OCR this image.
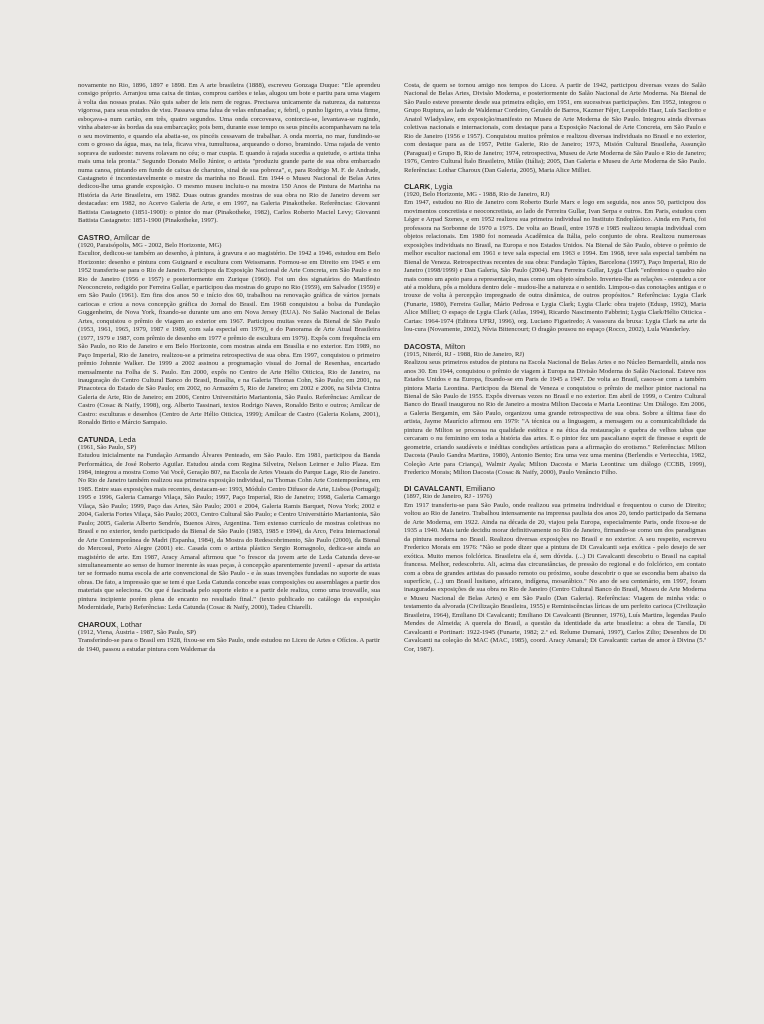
novamente no Rio, 1896, 1897 e 1898. Em A arte brasileira (1888), escreveu Gonzaga Duque: "Ele aprendeu consigo próprio. Arranjou uma caixa de tintas, comprou cartões e telas, alugou um bote e partiu para uma viagem à volta das nossas praias. Não quis saber de leis nem de regras. Precisava unicamente da natureza, da natureza vigorosa, para seus estudos de visu. Passava uma falua de velas enfunadas; e, febril, o punho ligeiro, a vista firme, esboçava-a num cartão, em três, quatro segundos. Uma onda corcoveava, contorcia-se, levantava-se rugindo, vinha abater-se às bordas da sua embarcação; pois bem, durante esse tempo os seus pincéis acompanhavam na tela o seu movimento, e quando ela abatia-se, os pincéis cessavam de trabalhar. A onda morria, no mar, fundindo-se com o grosso da água, mas, na tela, ficava viva, tumultuosa, arqueando o dorso, bramindo. Uma rajada de vento soprava de sudoeste: nuvens rolavam no céu; o mar cuspia. E quando à rajada sucedia a quietude, o artista tinha mais uma tela pronta." Segundo Donato Mello Júnior, o artista "produziu grande parte de sua obra embarcado numa canoa, pintando em fundo de caixas de charutos, sinal de sua pobreza", e, para Rodrigo M. F. de Andrade, Castagneto é incontestavelmente o mestre da marinha no Brasil. Em 1944 o Museu Nacional de Belas Artes dedicou-lhe uma grande exposição. O mesmo museu incluiu-o na mostra 150 Anos de Pintura de Marinha na História da Arte Brasileira, em 1982. Duas outras grandes mostras de sua obra no Rio de Janeiro devem ser destacadas: em 1982, no Acervo Galeria de Arte, e em 1997, na Galeria Pinakotheke. Referências: Giovanni Battista Castagneto (1851-1900): o pintor do mar (Pinakotheke, 1982), Carlos Roberto Maciel Levy; Giovanni Battista Castagneto: 1851-1900 (Pinakotheke, 1997).

CASTRO, Amílcar de

(1920, Paraisópolis, MG - 2002, Belo Horizonte, MG)

Escultor, dedicou-se também ao desenho, à pintura, à gravura e ao magistério. De 1942 a 1946, estudou em Belo Horizonte: desenho e pintura com Guignard e escultura com Weissmann. Formou-se em Direito em 1945 e em 1952 transferiu-se para o Rio de Janeiro. Participou da Exposição Nacional de Arte Concreta, em São Paulo e no Rio de Janeiro (1956 e 1957) e posteriormente em Zurique (1960). Foi um dos signatários do Manifesto Neoconcreto, redigido por Ferreira Gullar, e participou das mostras do grupo no Rio (1959), em Salvador (1959) e em São Paulo (1961). Em fins dos anos 50 e início dos 60, trabalhou na renovação gráfica de vários jornais cariocas e criou a nova concepção gráfica do Jornal do Brasil. Em 1968 conquistou a bolsa da Fundação Guggenheim, de Nova York, fixando-se durante um ano em Nova Jersey (EUA). No Salão Nacional de Belas Artes, conquistou o prêmio de viagem ao exterior em 1967. Participou muitas vezes da Bienal de São Paulo (1953, 1961, 1965, 1979, 1987 e 1989, com sala especial em 1979), e do Panorama de Arte Atual Brasileira (1977, 1979 e 1987, com prêmio de desenho em 1977 e prêmio de escultura em 1979). Expôs com frequência em São Paulo, no Rio de Janeiro e em Belo Horizonte, com mostras ainda em Brasília e no exterior. Em 1989, no Paço Imperial, Rio de Janeiro, realizou-se a primeira retrospectiva de sua obra. Em 1997, conquistou o primeiro prêmio Johnnie Walker. De 1999 a 2002 assinou a programação visual do Jornal de Resenhas, encartado mensalmente na Folha de S. Paulo. Em 2000, expôs no Centro de Arte Hélio Oiticica, Rio de Janeiro, na inauguração do Centro Cultural Banco do Brasil, Brasília, e na Galeria Thomas Cohn, São Paulo; em 2001, na Pinacoteca do Estado de São Paulo; em 2002, no Armazém 5, Rio de Janeiro; em 2002 e 2006, na Silvia Cintra Galeria de Arte, Rio de Janeiro; em 2006, Centro Universitário Mariantonia, São Paulo. Referências: Amílcar de Castro (Cosac & Naify, 1998), org. Alberto Tassinari, textos Rodrigo Naves, Ronaldo Brito e outros; Amílcar de Castro: esculturas e desenhos (Centro de Arte Hélio Oiticica, 1999); Amílcar de Castro (Galeria Kolans, 2001), Ronaldo Brito e Márcio Sampaio.

CATUNDA, Leda

(1961, São Paulo, SP)

Estudou inicialmente na Fundação Armando Álvares Penteado, em São Paulo. Em 1981, participou da Banda Performática, de José Roberto Aguilar. Estudou ainda com Regina Silveira, Nelson Leirner e Julio Plaza. Em 1984, integrou a mostra Como Vai Você, Geração 80?, na Escola de Artes Visuais do Parque Lage, Rio de Janeiro. No Rio de Janeiro também realizou sua primeira exposição individual, na Thomas Cohn Arte Contemporânea, em 1985. Entre suas exposições mais recentes, destacam-se: 1993, Módulo Centro Difusor de Arte, Lisboa (Portugal); 1995 e 1996, Galeria Camargo Vilaça, São Paulo; 1997, Paço Imperial, Rio de Janeiro; 1998, Galeria Camargo Vilaça, São Paulo; 1999, Paço das Artes, São Paulo; 2001 e 2004, Galeria Ramis Barquet, Nova York; 2002 e 2004, Galeria Fortes Vilaça, São Paulo; 2003, Centro Cultural São Paulo; e Centro Universitário Mariantonia, São Paulo; 2005, Galeria Alberto Sendrós, Buenos Aires, Argentina. Tem extenso currículo de mostras coletivas no Brasil e no exterior, tendo participado da Bienal de São Paulo (1983, 1985 e 1994), da Arco, Feira Internacional de Arte Contemporânea de Madri (Espanha, 1984), da Mostra do Redescobrimento, São Paulo (2000), da Bienal do Mercosul, Porto Alegre (2001) etc. Casada com o artista plástico Sergio Romagnolo, dedica-se ainda ao magistério de arte. Em 1987, Aracy Amaral afirmou que "o frescor da jovem arte de Leda Catunda deve-se simultaneamente ao senso de humor inerente às suas peças, à concepção aparentemente juvenil - apesar da artista ter se formado numa escola de arte convencional de São Paulo - e às suas invenções fundadas no suporte de suas obras. De fato, a impressão que se tem é que Leda Catunda concebe suas composições ou assemblages a partir dos materiais que seleciona. Ou que é fascinada pelo suporte eleito e a partir dele realiza, como uma trouvaille, sua pintura incipiente porém plena de encanto no resultado final." (texto publicado no catálogo da exposição Modernidade, Paris) Referências: Leda Catunda (Cosac & Naify, 2000), Tadeu Chiarelli.

CHAROUX, Lothar

(1912, Viena, Áustria - 1987, São Paulo, SP)

Transferindo-se para o Brasil em 1928, fixou-se em São Paulo, onde estudou no Liceu de Artes e Ofícios. A partir de 1940, passou a estudar pintura com Waldemar da

Costa, de quem se tornou amigo nos tempos do Liceu. A partir de 1942, participou diversas vezes do Salão Nacional de Belas Artes, Divisão Moderna, e posteriormente do Salão Nacional de Arte Moderna. Na Bienal de São Paulo esteve presente desde sua primeira edição, em 1951, em sucessivas participações. Em 1952, integrou o Grupo Ruptura, ao lado de Waldemar Cordeiro, Geraldo de Barros, Kazmer Féjer, Leopoldo Haar, Luís Sacilotto e Anatol Wladyslaw, em exposição/manifesto no Museu de Arte Moderna de São Paulo. Integrou ainda diversas coletivas nacionais e internacionais, com destaque para a Exposição Nacional de Arte Concreta, em São Paulo e Rio de Janeiro (1956 e 1957). Conquistou muitos prêmios e realizou diversas individuais no Brasil e no exterior, com destaque para as de 1957, Petite Galerie, Rio de Janeiro; 1973, Misión Cultural Brasileña, Assunção (Paraguai) e Grupo B, Rio de Janeiro; 1974, retrospectiva, Museu de Arte Moderna de São Paulo e Rio de Janeiro; 1976, Centro Cultural Ítalo Brasileiro, Milão (Itália); 2005, Dan Galeria e Museu de Arte Moderna de São Paulo. Referências: Lothar Charoux (Dan Galeria, 2005), Maria Alice Milliet.

CLARK, Lygia

(1920, Belo Horizonte, MG - 1988, Rio de Janeiro, RJ)

Em 1947, estudou no Rio de Janeiro com Roberto Burle Marx e logo em seguida, nos anos 50, participou dos movimentos concretista e neoconcretista, ao lado de Ferreira Gullar, Ivan Serpa e outros. Em Paris, estudou com Léger e Arpad Szenes, e em 1952 realizou sua primeira individual no Instituto Endoplástico. Ainda em Paris, foi professora na Sorbonne de 1970 a 1975. De volta ao Brasil, entre 1978 e 1985 realizou terapia individual com objetos relacionais. Em 1980 foi nomeada Acadêmica da Itália, pelo conjunto de obra. Realizou numerosas exposições individuais no Brasil, na Europa e nos Estados Unidos. Na Bienal de São Paulo, obteve o prêmio de melhor escultor nacional em 1961 e teve sala especial em 1963 e 1994. Em 1968, teve sala especial também na Bienal de Veneza. Retrospectivas recentes de sua obra: Fundação Tàpies, Barcelona (1997), Paço Imperial, Rio de Janeiro (1998/1999) e Dan Galeria, São Paulo (2004). Para Ferreira Gullar, Lygia Clark "enfrentou o quadro não mais como um apoio para a representação, mas como um objeto símbolo. Inverteu-lhe as relações - estendeu a cor até a moldura, pôs a moldura dentro dele - mudou-lhe a natureza e o sentido. Limpou-o das conotações antigas e o trouxe de volta à percepção impregnado de outra dinâmica, de outros propósitos." Referências: Lygia Clark (Funarte, 1980), Ferreira Gullar, Mário Pedrosa e Lygia Clark; Lygia Clark: obra trajeto (Edusp, 1992), Maria Alice Milliet; O espaço de Lygia Clark (Atlas, 1994), Ricardo Nascimento Fabbrini; Lygia Clark/Hélio Oiticica - Cartas: 1964-1974 (Editora UFRJ, 1996), org. Luciano Figueiredo; A vassoura da bruxa: Lygia Clark na arte da lou-cura (Novamente, 2002), Nívia Bittencourt; O dragão pousou no espaço (Rocco, 2002), Lula Wanderley.

DACOSTA, Milton

(1915, Niterói, RJ - 1988, Rio de Janeiro, RJ)

Realizou seus primeiros estudos de pintura na Escola Nacional de Belas Artes e no Núcleo Bernardelli, ainda nos anos 30. Em 1944, conquistou o prêmio de viagem à Europa na Divisão Moderna do Salão Nacional. Esteve nos Estados Unidos e na Europa, fixando-se em Paris de 1945 a 1947. De volta ao Brasil, casou-se com a também pintora Maria Leontina. Participou da Bienal de Veneza e conquistou o prêmio de melhor pintor nacional na Bienal de São Paulo de 1955. Expôs diversas vezes no Brasil e no exterior. Em abril de 1999, o Centro Cultural Banco do Brasil inaugurou no Rio de Janeiro a mostra Milton Dacosta e Maria Leontina: Um Diálogo. Em 2006, a Galeria Bergamin, em São Paulo, organizou uma grande retrospectiva de sua obra. Sobre a última fase do artista, Jayme Maurício afirmou em 1979: "A técnica ou a linguagem, a mensagem ou a comunicabilidade da pintura de Milton se processa na qualidade estética e na ética da restauração e quebra de velhos tabus que cercaram o nu feminino em toda a história das artes. E o pintor fez um pascaliano esprit de finesse e esprit de geometrie, criando saudáveis e inéditas condições artísticas para a afirmação do erotismo." Referências: Milton Dacosta (Paulo Gandra Martins, 1980), Antonio Bento; Era uma vez uma menina (Berlendis e Vertecchia, 1982, Coleção Arte para Criança), Walmir Ayala; Milton Dacosta e Maria Leontina: um diálogo (CCBB, 1999), Frederico Morais; Milton Dacosta (Cosac & Naify, 2000), Paulo Venâncio Filho.

DI CAVALCANTI, Emiliano

(1897, Rio de Janeiro, RJ - 1976)

Em 1917 transferiu-se para São Paulo, onde realizou sua primeira individual e frequentou o curso de Direito; voltou ao Rio de Janeiro. Trabalhou intensamente na imprensa paulista dos anos 20, tendo participado da Semana de Arte Moderna, em 1922. Ainda na década de 20, viajou pela Europa, especialmente Paris, onde fixou-se de 1935 a 1940. Mais tarde decidiu morar definitivamente no Rio de Janeiro, firmando-se como um dos paradigmas da pintura moderna no Brasil. Realizou diversas exposições no Brasil e no exterior. A seu respeito, escreveu Frederico Morais em 1976: "Não se pode dizer que a pintura de Di Cavalcanti seja exótica - pelo desejo de ser exótica. Muito menos folclórica. Brasileira ela é, sem dúvida. (...) Di Cavalcanti descobriu o Brasil na capital francesa. Melhor, redescobriu. Ali, acima das circunstâncias, de pressão do regional e do folclórico, em contato com a obra de grandes artistas do passado remoto ou próximo, soube descobrir o que se escondia bem abaixo da superfície, (...) um Brasil lusitano, africano, indígena, mosarábico." No ano de seu centenário, em 1997, foram inauguradas exposições de sua obra no Rio de Janeiro (Centro Cultural Banco do Brasil, Museu de Arte Moderna e Museu Nacional de Belas Artes) e em São Paulo (Dan Galeria). Referências: Viagem de minha vida: o testamento da alvorada (Civilização Brasileira, 1955) e Reminiscências líricas de um perfeito carioca (Civilização Brasileira, 1964), Emiliano Di Cavalcanti; Emiliano Di Cavalcanti (Brunner, 1976), Luís Martins, legendas Paulo Mendes de Almeida; A querela do Brasil, a questão da identidade da arte brasileira: a obra de Tarsila, Di Cavalcanti e Portinari: 1922-1945 (Funarte, 1982; 2.ª ed. Relume Dumará, 1997), Carlos Zilio; Desenhos de Di Cavalcanti na coleção do MAC (MAC, 1985), coord. Aracy Amaral; Di Cavalcanti: cartas de amor à Divina (5.ª Cor, 1987).
